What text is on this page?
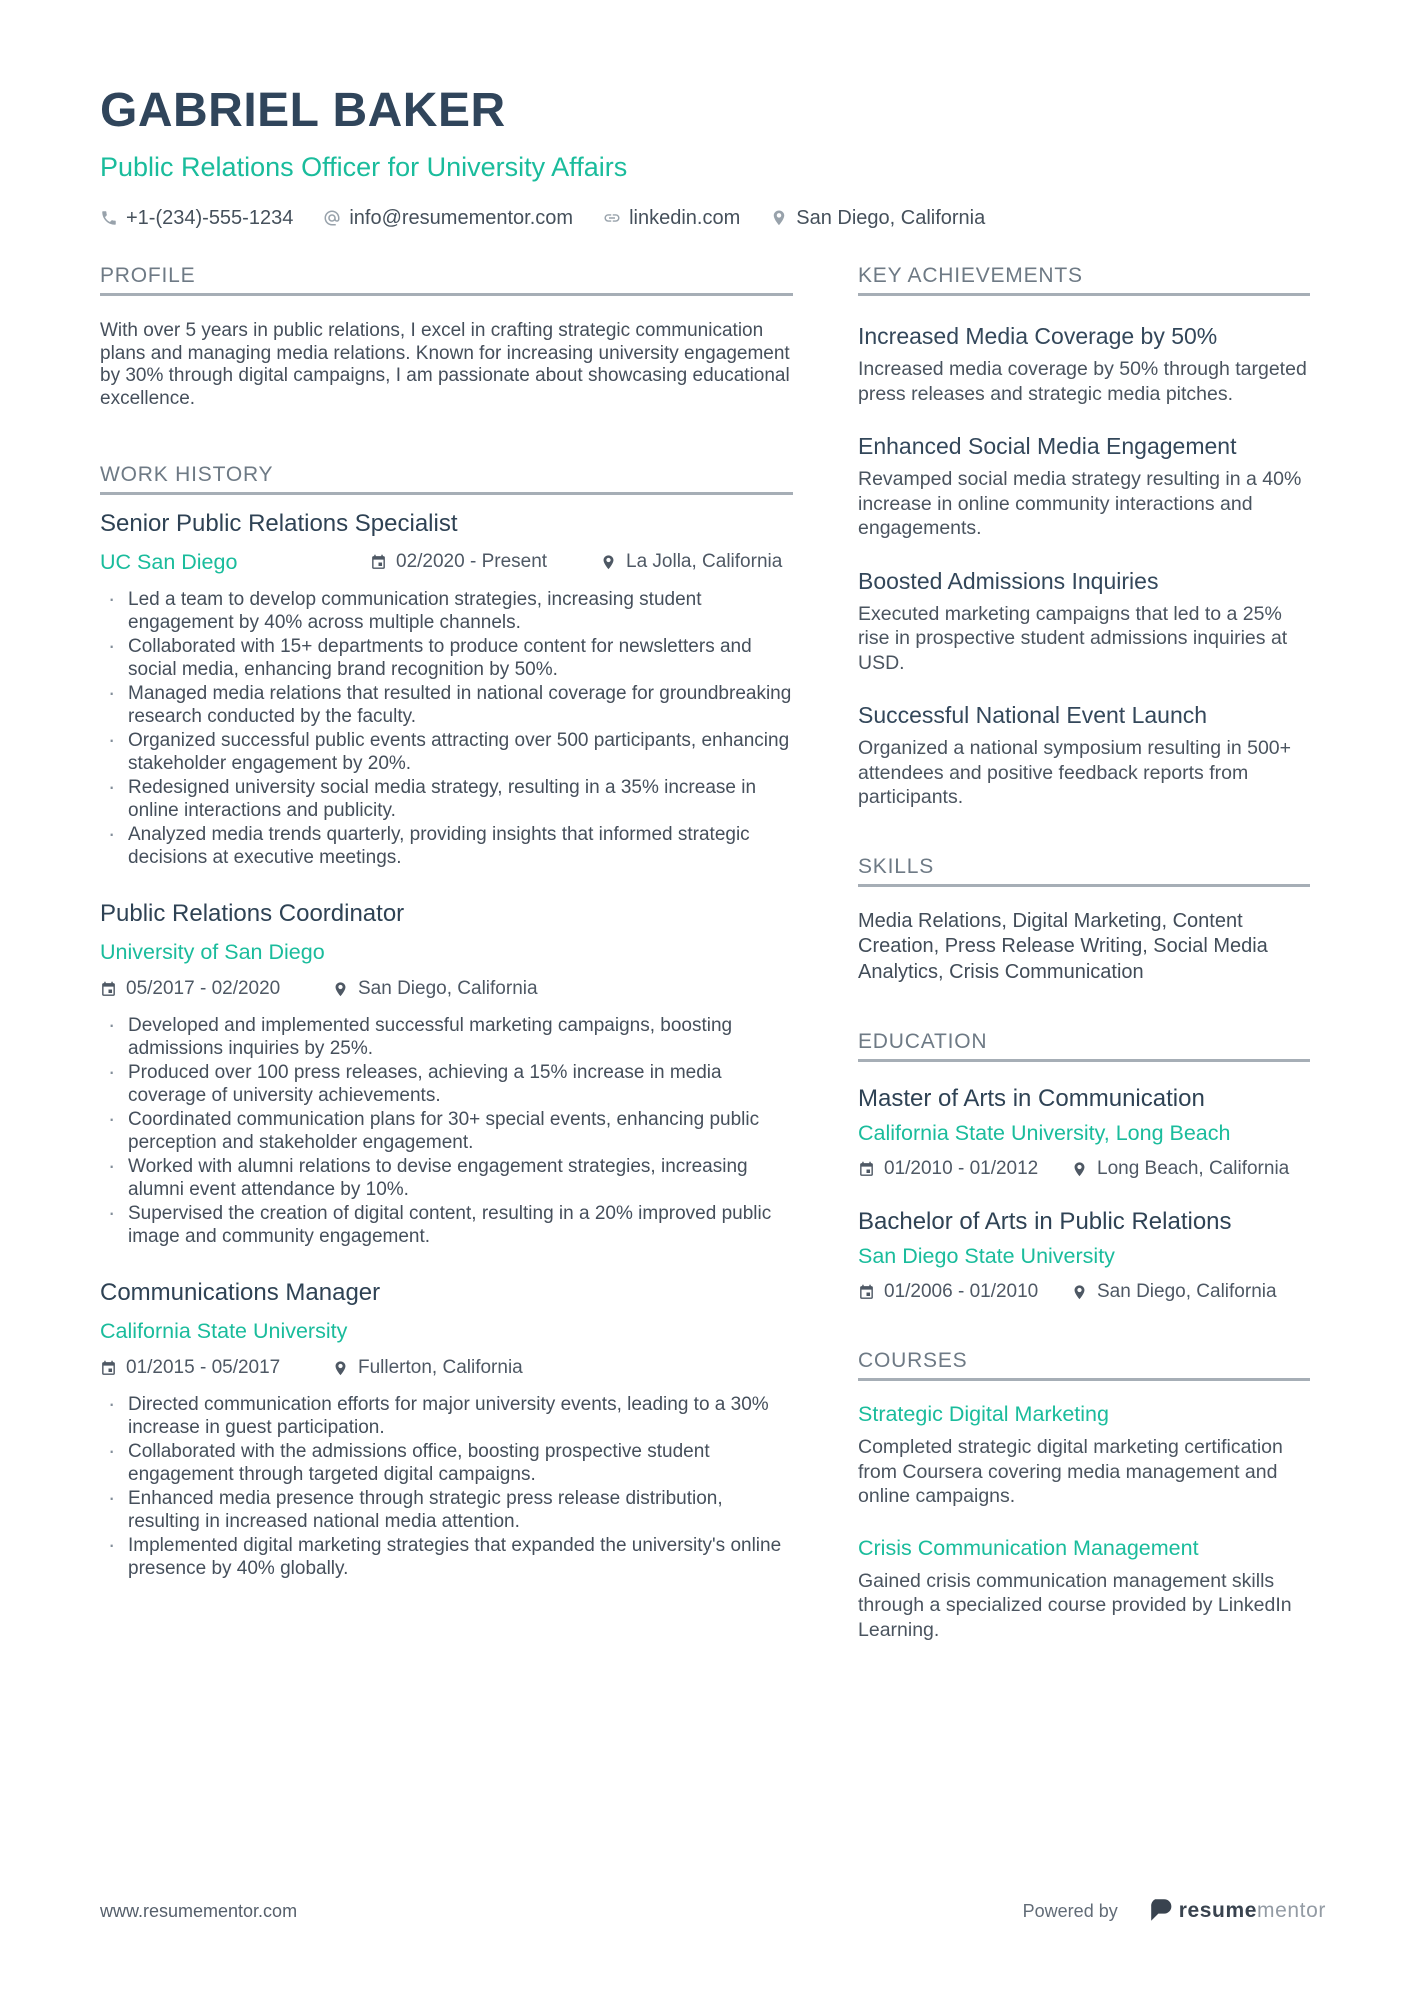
GABRIEL BAKER
Public Relations Officer for University Affairs
+1-(234)-555-1234	info@resumementor.com	linkedin.com	San Diego, California
PROFILE

With over 5 years in public relations, I excel in crafting strategic communication plans and managing media relations. Known for increasing university engagement by 30% through digital campaigns, I am passionate about showcasing educational excellence.

WORK HISTORY
Senior Public Relations Specialist
UC San Diego	02/2020 - Present	La Jolla, California
· Led a team to develop communication strategies, increasing student engagement by 40% across multiple channels.
· Collaborated with 15+ departments to produce content for newsletters and social media, enhancing brand recognition by 50%.
· Managed media relations that resulted in national coverage for groundbreaking research conducted by the faculty.
· Organized successful public events attracting over 500 participants, enhancing stakeholder engagement by 20%.
· Redesigned university social media strategy, resulting in a 35% increase in online interactions and publicity.
· Analyzed media trends quarterly, providing insights that informed strategic decisions at executive meetings.
Public Relations Coordinator
University of San Diego
05/2017 - 02/2020	San Diego, California
· Developed and implemented successful marketing campaigns, boosting admissions inquiries by 25%.
· Produced over 100 press releases, achieving a 15% increase in media coverage of university achievements.
· Coordinated communication plans for 30+ special events, enhancing public perception and stakeholder engagement.
· Worked with alumni relations to devise engagement strategies, increasing alumni event attendance by 10%.
· Supervised the creation of digital content, resulting in a 20% improved public image and community engagement.
Communications Manager
California State University
01/2015 - 05/2017	Fullerton, California
· Directed communication efforts for major university events, leading to a 30% increase in guest participation.
· Collaborated with the admissions office, boosting prospective student engagement through targeted digital campaigns.
· Enhanced media presence through strategic press release distribution, resulting in increased national media attention.
· Implemented digital marketing strategies that expanded the university's online presence by 40% globally.
KEY ACHIEVEMENTS
Increased Media Coverage by 50%

Increased media coverage by 50% through targeted press releases and strategic media pitches.

Enhanced Social Media Engagement

Revamped social media strategy resulting in a 40% increase in online community interactions and engagements.

Boosted Admissions Inquiries

Executed marketing campaigns that led to a 25% rise in prospective student admissions inquiries at USD.

Successful National Event Launch

Organized a national symposium resulting in 500+ attendees and positive feedback reports from participants.

SKILLS

Media Relations, Digital Marketing, Content Creation, Press Release Writing, Social Media Analytics, Crisis Communication

EDUCATION
Master of Arts in Communication
California State University, Long Beach
01/2010 - 01/2012	Long Beach, California
Bachelor of Arts in Public Relations
San Diego State University
01/2006 - 01/2010	San Diego, California
COURSES
Strategic Digital Marketing

Completed strategic digital marketing certification from Coursera covering media management and online campaigns.

Crisis Communication Management

Gained crisis communication management skills through a specialized course provided by LinkedIn Learning.

www.resumementor.com	Powered by	resumementor
